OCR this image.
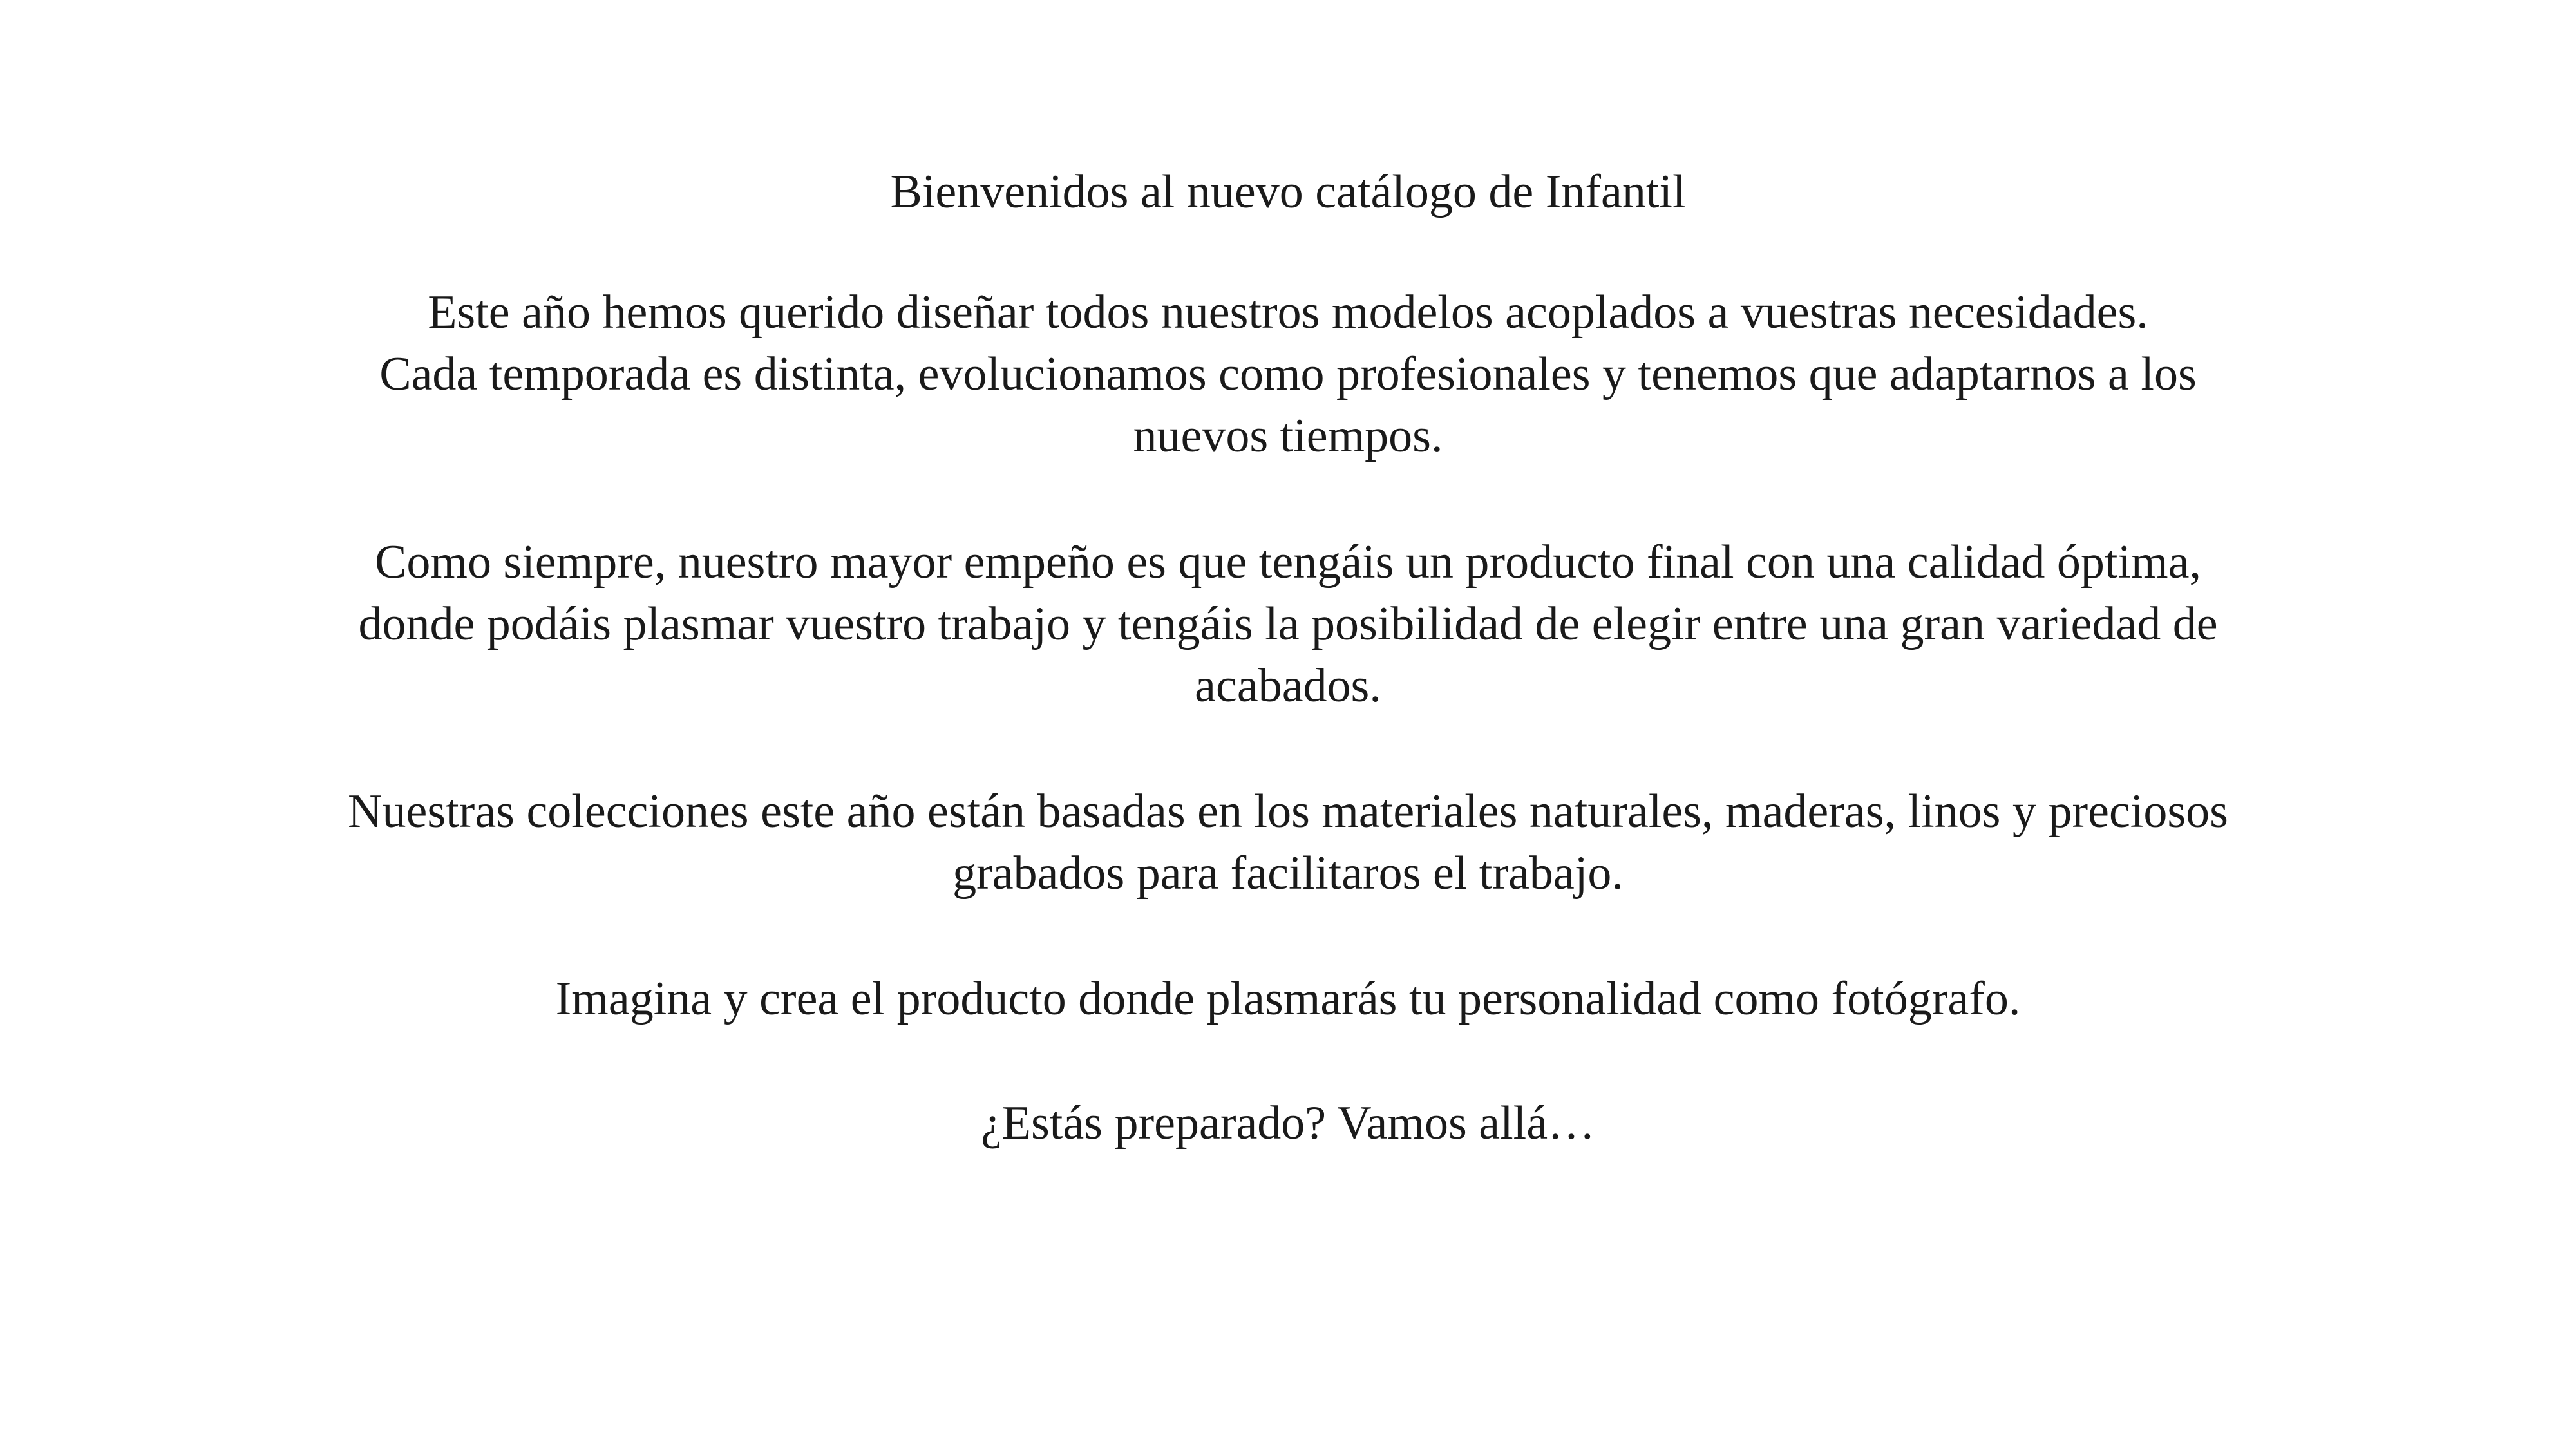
Bienvenidos al nuevo catálogo de Infantil
Este año hemos querido diseñar todos nuestros modelos acoplados a vuestras necesidades.
Cada temporada es distinta, evolucionamos como profesionales y tenemos que adaptarnos a los
nuevos tiempos.
Como siempre, nuestro mayor empeño es que tengáis un producto final con una calidad óptima,
donde podáis plasmar vuestro trabajo y tengáis la posibilidad de elegir entre una gran variedad de
acabados.
Nuestras colecciones este año están basadas en los materiales naturales, maderas, linos y preciosos
grabados para facilitaros el trabajo.
Imagina y crea el producto donde plasmarás tu personalidad como fotógrafo.
¿Estás preparado? Vamos allá…
